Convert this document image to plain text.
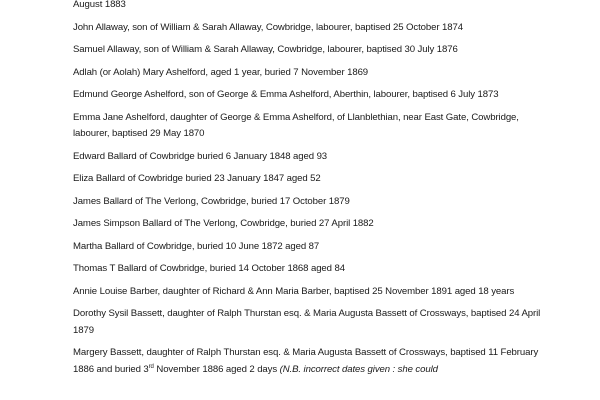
August 1883
John Allaway, son of William & Sarah Allaway, Cowbridge, labourer, baptised 25 October 1874
Samuel Allaway, son of William & Sarah Allaway, Cowbridge, labourer, baptised 30 July 1876
Adlah (or Aolah) Mary Ashelford, aged 1 year, buried 7 November 1869
Edmund George Ashelford, son of George & Emma Ashelford, Aberthin, labourer, baptised 6 July 1873
Emma Jane Ashelford, daughter of George & Emma Ashelford, of Llanblethian, near East Gate, Cowbridge, labourer, baptised 29 May 1870
Edward Ballard of Cowbridge buried 6 January 1848 aged 93
Eliza Ballard of Cowbridge buried 23 January 1847 aged 52
James Ballard of The Verlong, Cowbridge, buried 17 October 1879
James Simpson Ballard of The Verlong, Cowbridge, buried 27 April 1882
Martha Ballard of Cowbridge, buried 10 June 1872 aged 87
Thomas T Ballard of Cowbridge, buried 14 October 1868 aged 84
Annie Louise Barber, daughter of Richard & Ann Maria Barber, baptised 25 November 1891 aged 18 years
Dorothy Sysil Bassett, daughter of Ralph Thurstan esq. & Maria Augusta Bassett of Crossways, baptised 24 April 1879
Margery Bassett, daughter of Ralph Thurstan esq. & Maria Augusta Bassett of Crossways, baptised 11 February 1886 and buried 3rd November 1886 aged 2 days (N.B. incorrect dates given : she could
